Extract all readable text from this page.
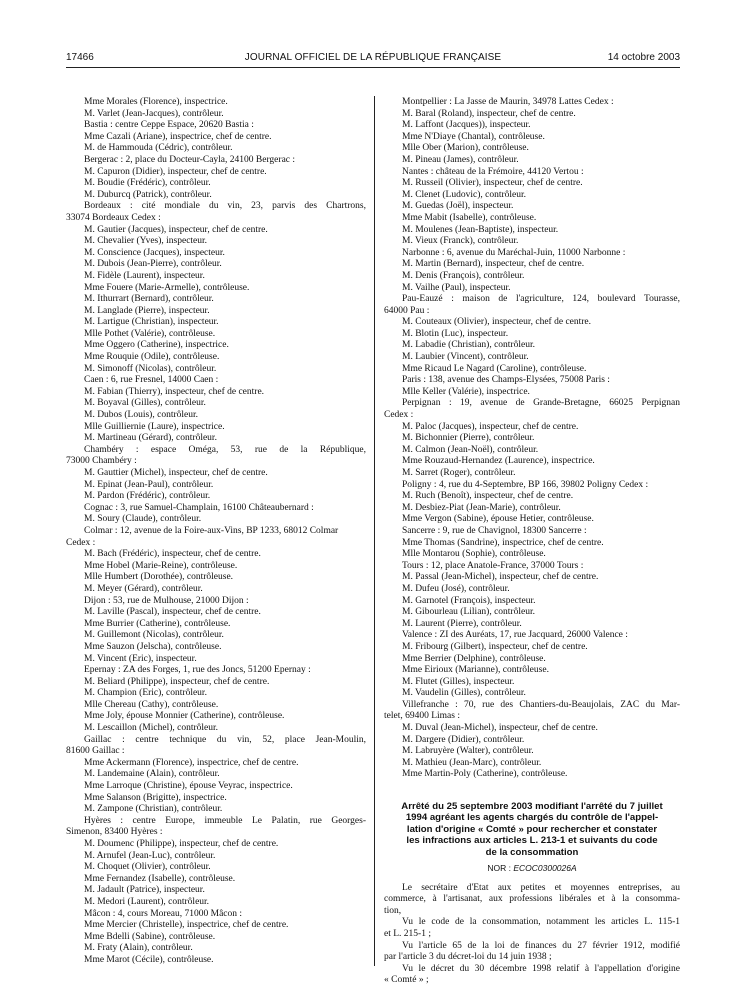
17466	JOURNAL OFFICIEL DE LA RÉPUBLIQUE FRANÇAISE	14 octobre 2003
Mme Morales (Florence), inspectrice.
M. Varlet (Jean-Jacques), contrôleur.
Bastia : centre Ceppe Espace, 20620 Bastia :
Mme Cazali (Ariane), inspectrice, chef de centre.
M. de Hammouda (Cédric), contrôleur.
Bergerac : 2, place du Docteur-Cayla, 24100 Bergerac :
M. Capuron (Didier), inspecteur, chef de centre.
M. Boudie (Frédéric), contrôleur.
M. Duburcq (Patrick), contrôleur.
Bordeaux : cité mondiale du vin, 23, parvis des Chartrons,
33074 Bordeaux Cedex :
M. Gautier (Jacques), inspecteur, chef de centre.
M. Chevalier (Yves), inspecteur.
M. Conscience (Jacques), inspecteur.
M. Dubois (Jean-Pierre), contrôleur.
M. Fidèle (Laurent), inspecteur.
Mme Fouere (Marie-Armelle), contrôleuse.
M. Ithurrart (Bernard), contrôleur.
M. Langlade (Pierre), inspecteur.
M. Lartigue (Christian), inspecteur.
Mlle Pothet (Valérie), contrôleuse.
Mme Oggero (Catherine), inspectrice.
Mme Rouquie (Odile), contrôleuse.
M. Simonoff (Nicolas), contrôleur.
Caen : 6, rue Fresnel, 14000 Caen :
M. Fabian (Thierry), inspecteur, chef de centre.
M. Boyaval (Gilles), contrôleur.
M. Dubos (Louis), contrôleur.
Mlle Guilliernie (Laure), inspectrice.
M. Martineau (Gérard), contrôleur.
Chambéry : espace Oméga, 53, rue de la République,
73000 Chambéry :
M. Gauttier (Michel), inspecteur, chef de centre.
M. Epinat (Jean-Paul), contrôleur.
M. Pardon (Frédéric), contrôleur.
Cognac : 3, rue Samuel-Champlain, 16100 Châteaubernard :
M. Soury (Claude), contrôleur.
Colmar : 12, avenue de la Foire-aux-Vins, BP 1233, 68012 Colmar
Cedex :
M. Bach (Frédéric), inspecteur, chef de centre.
Mme Hobel (Marie-Reine), contrôleuse.
Mlle Humbert (Dorothée), contrôleuse.
M. Meyer (Gérard), contrôleur.
Dijon : 53, rue de Mulhouse, 21000 Dijon :
M. Laville (Pascal), inspecteur, chef de centre.
Mme Burrier (Catherine), contrôleuse.
M. Guillemont (Nicolas), contrôleur.
Mme Sauzon (Jelscha), contrôleuse.
M. Vincent (Eric), inspecteur.
Epernay : ZA des Forges, 1, rue des Joncs, 51200 Epernay :
M. Beliard (Philippe), inspecteur, chef de centre.
M. Champion (Eric), contrôleur.
Mlle Chereau (Cathy), contrôleuse.
Mme Joly, épouse Monnier (Catherine), contrôleuse.
M. Lescaillon (Michel), contrôleur.
Gaillac : centre technique du vin, 52, place Jean-Moulin,
81600 Gaillac :
Mme Ackermann (Florence), inspectrice, chef de centre.
M. Landemaine (Alain), contrôleur.
Mme Larroque (Christine), épouse Veyrac, inspectrice.
Mme Salanson (Brigitte), inspectrice.
M. Zampone (Christian), contrôleur.
Hyères : centre Europe, immeuble Le Palatin, rue Georges-
Simenon, 83400 Hyères :
M. Doumenc (Philippe), inspecteur, chef de centre.
M. Arnufel (Jean-Luc), contrôleur.
M. Choquet (Olivier), contrôleur.
Mme Fernandez (Isabelle), contrôleuse.
M. Jadault (Patrice), inspecteur.
M. Medori (Laurent), contrôleur.
Mâcon : 4, cours Moreau, 71000 Mâcon :
Mme Mercier (Christelle), inspectrice, chef de centre.
Mme Bdelli (Sabine), contrôleuse.
M. Fraty (Alain), contrôleur.
Mme Marot (Cécile), contrôleuse.
Montpellier : La Jasse de Maurin, 34978 Lattes Cedex :
M. Baral (Roland), inspecteur, chef de centre.
M. Laffont (Jacques)), inspecteur.
Mme N'Diaye (Chantal), contrôleuse.
Mlle Ober (Marion), contrôleuse.
M. Pineau (James), contrôleur.
Nantes : château de la Frémoire, 44120 Vertou :
M. Russeil (Olivier), inspecteur, chef de centre.
M. Clenet (Ludovic), contrôleur.
M. Guedas (Joël), inspecteur.
Mme Mabit (Isabelle), contrôleuse.
M. Moulenes (Jean-Baptiste), inspecteur.
M. Vieux (Franck), contrôleur.
Narbonne : 6, avenue du Maréchal-Juin, 11000 Narbonne :
M. Martin (Bernard), inspecteur, chef de centre.
M. Denis (François), contrôleur.
M. Vailhe (Paul), inspecteur.
Pau-Eauzé : maison de l'agriculture, 124, boulevard Tourasse,
64000 Pau :
M. Couteaux (Olivier), inspecteur, chef de centre.
M. Blotin (Luc), inspecteur.
M. Labadie (Christian), contrôleur.
M. Laubier (Vincent), contrôleur.
Mme Ricaud Le Nagard (Caroline), contrôleuse.
Paris : 138, avenue des Champs-Elysées, 75008 Paris :
Mlle Keller (Valérie), inspectrice.
Perpignan : 19, avenue de Grande-Bretagne, 66025 Perpignan
Cedex :
M. Paloc (Jacques), inspecteur, chef de centre.
M. Bichonnier (Pierre), contrôleur.
M. Calmon (Jean-Noël), contrôleur.
Mme Rouzaud-Hernandez (Laurence), inspectrice.
M. Sarret (Roger), contrôleur.
Poligny : 4, rue du 4-Septembre, BP 166, 39802 Poligny Cedex :
M. Ruch (Benoît), inspecteur, chef de centre.
M. Desbiez-Piat (Jean-Marie), contrôleur.
Mme Vergon (Sabine), épouse Hetier, contrôleuse.
Sancerre : 9, rue de Chavignol, 18300 Sancerre :
Mme Thomas (Sandrine), inspectrice, chef de centre.
Mlle Montarou (Sophie), contrôleuse.
Tours : 12, place Anatole-France, 37000 Tours :
M. Passal (Jean-Michel), inspecteur, chef de centre.
M. Dufeu (José), contrôleur.
M. Garnotel (François), inspecteur.
M. Gibourleau (Lilian), contrôleur.
M. Laurent (Pierre), contrôleur.
Valence : ZI des Auréats, 17, rue Jacquard, 26000 Valence :
M. Fribourg (Gilbert), inspecteur, chef de centre.
Mme Berrier (Delphine), contrôleuse.
Mme Eirioux (Marianne), contrôleuse.
M. Flutet (Gilles), inspecteur.
M. Vaudelin (Gilles), contrôleur.
Villefranche : 70, rue des Chantiers-du-Beaujolais, ZAC du Mar-
telet, 69400 Limas :
M. Duval (Jean-Michel), inspecteur, chef de centre.
M. Dargere (Didier), contrôleur.
M. Labruyère (Walter), contrôleur.
M. Mathieu (Jean-Marc), contrôleur.
Mme Martin-Poly (Catherine), contrôleuse.
Arrêté du 25 septembre 2003 modifiant l'arrêté du 7 juillet
1994 agréant les agents chargés du contrôle de l'appel-
lation d'origine « Comté » pour rechercher et constater
les infractions aux articles L. 213-1 et suivants du code
de la consommation
NOR : ECOC0300026A
Le secrétaire d'Etat aux petites et moyennes entreprises, au
commerce, à l'artisanat, aux professions libérales et à la consomma-
tion,
Vu le code de la consommation, notamment les articles L. 115-1
et L. 215-1 ;
Vu l'article 65 de la loi de finances du 27 février 1912, modifié
par l'article 3 du décret-loi du 14 juin 1938 ;
Vu le décret du 30 décembre 1998 relatif à l'appellation d'origine
« Comté » ;
